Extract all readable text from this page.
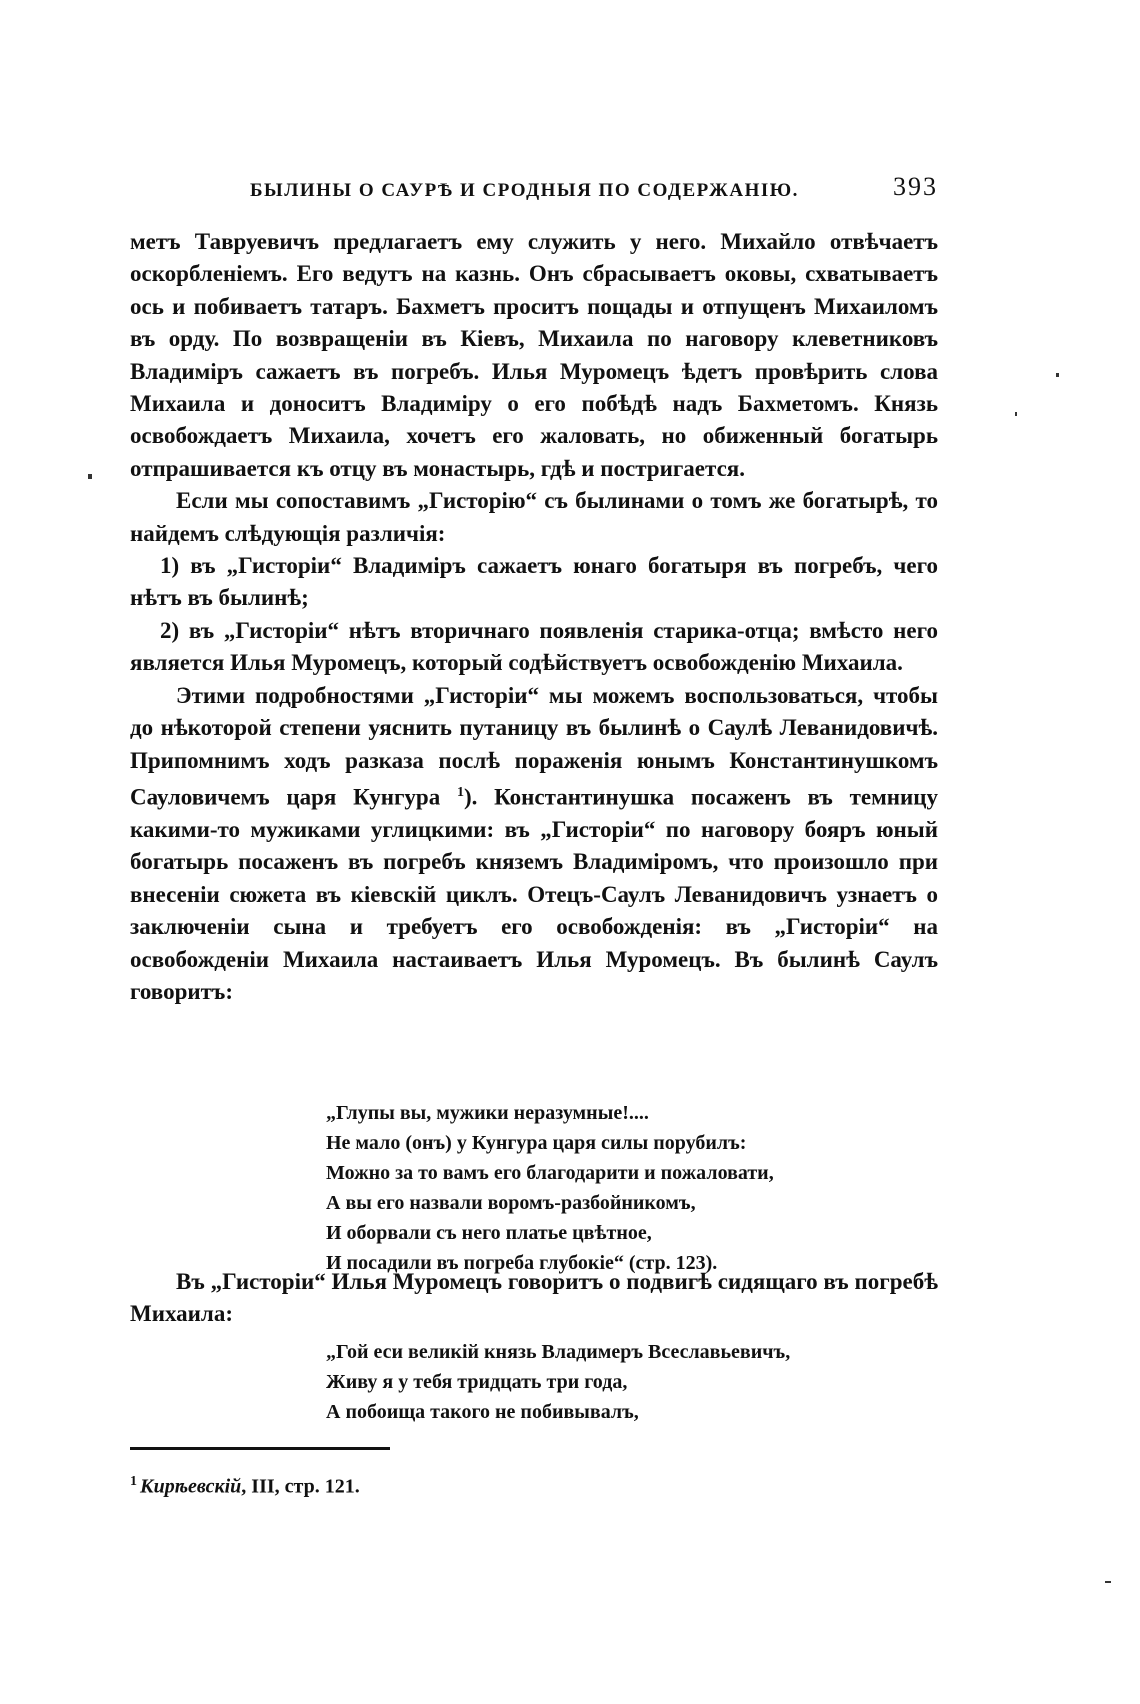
БЫЛИНЫ О САУРѢ И СРОДНЫЯ ПО СОДЕРЖАНІЮ.	393

метъ Тавруевичъ предлагаетъ ему служить у него. Михайло отвѣчаетъ оскорбленіемъ. Его ведутъ на казнь. Онъ сбрасываетъ оковы, схватываетъ ось и побиваетъ татаръ. Бахметъ проситъ пощады и отпущенъ Михаиломъ въ орду. По возвращеніи въ Кіевъ, Михаила по наговору клеветниковъ Владиміръ сажаетъ въ погребъ. Илья Муромецъ ѣдетъ провѣрить слова Михаила и доноситъ Владиміру о его побѣдѣ надъ Бахметомъ. Князь освобождаетъ Михаила, хочетъ его жаловать, но обиженный богатырь отпрашивается къ отцу въ монастырь, гдѣ и постригается.

Если мы сопоставимъ „Гисторію“ съ былинами о томъ же богатырѣ, то найдемъ слѣдующія различія:

1) въ „Гисторіи“ Владиміръ сажаетъ юнаго богатыря въ погребъ, чего нѣтъ въ былинѣ;

2) въ „Гисторіи“ нѣтъ вторичнаго появленія старика-отца; вмѣсто него является Илья Муромецъ, который содѣйствуетъ освобожденію Михаила.

Этими подробностями „Гисторіи“ мы можемъ воспользоваться, чтобы до нѣкоторой степени уяснить путаницу въ былинѣ о Саулѣ Леванидовичѣ. Припомнимъ ходъ разказа послѣ пораженія юнымъ Константинушкомъ Сауловичемъ царя Кунгура $^1$). Константинушка посаженъ въ темницу какими-то мужиками углицкими: въ „Гисторіи“ по наговору бояръ юный богатырь посаженъ въ погребъ княземъ Владиміромъ, что произошло при внесеніи сюжета въ кіевскій циклъ. Отецъ-Саулъ Леванидовичъ узнаетъ о заключеніи сына и требуетъ его освобожденія: въ „Гисторіи“ на освобожденіи Михаила настаиваетъ Илья Муромецъ. Въ былинѣ Саулъ говоритъ:

„Глупы вы, мужики неразумные!....
Не мало (онъ) у Кунгура царя силы порубилъ:
Можно за то вамъ его благодарити и пожаловати,
А вы его назвали воромъ-разбойникомъ,
И оборвали съ него платье цвѣтное,
И посадили въ погреба глубокіе“ (стр. 123).

Въ „Гисторіи“ Илья Муромецъ говоритъ о подвигѣ сидящаго въ погребѣ Михаила:

„Гой еси великій князь Владимеръ Всеславьевичъ,
Живу я у тебя тридцать три года,
А побоища такого не побивывалъ,
$^1$ Кирѣевскій, III, стр. 121.
